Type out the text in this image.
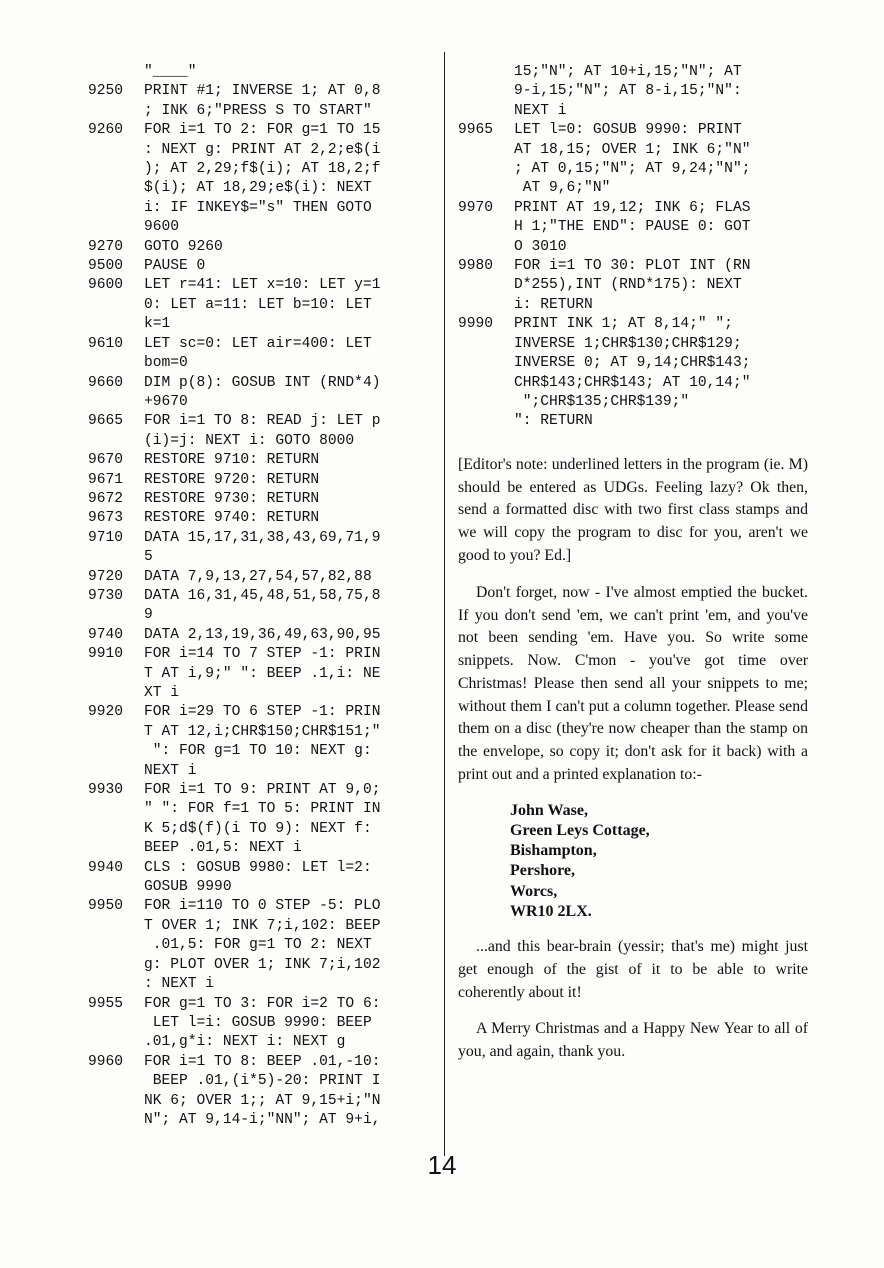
"____"
9250 PRINT #1; INVERSE 1; AT 0,8
; INK 6;"PRESS S TO START"
9260 FOR i=1 TO 2: FOR g=1 TO 15
: NEXT g: PRINT AT 2,2;e$(i
); AT 2,29;f$(i); AT 18,2;f
$(i); AT 18,29;e$(i): NEXT
i: IF INKEY$="s" THEN GOTO
9600
9270 GOTO 9260
9500 PAUSE 0
9600 LET r=41: LET x=10: LET y=1
0: LET a=11: LET b=10: LET
k=1
9610 LET sc=0: LET air=400: LET
bom=0
9660 DIM p(8): GOSUB INT (RND*4)
+9670
9665 FOR i=1 TO 8: READ j: LET p
(i)=j: NEXT i: GOTO 8000
9670 RESTORE 9710: RETURN
9671 RESTORE 9720: RETURN
9672 RESTORE 9730: RETURN
9673 RESTORE 9740: RETURN
9710 DATA 15,17,31,38,43,69,71,9
5
9720 DATA 7,9,13,27,54,57,82,88
9730 DATA 16,31,45,48,51,58,75,8
9
9740 DATA 2,13,19,36,49,63,90,95
9910 FOR i=14 TO 7 STEP -1: PRIN
T AT i,9;" ": BEEP .1,i: NE
XT i
9920 FOR i=29 TO 6 STEP -1: PRIN
T AT 12,i;CHR$150;CHR$151;"
": FOR g=1 TO 10: NEXT g:
NEXT i
9930 FOR i=1 TO 9: PRINT AT 9,0;
" ": FOR f=1 TO 5: PRINT IN
K 5;d$(f)(i TO 9): NEXT f:
BEEP .01,5: NEXT i
9940 CLS : GOSUB 9980: LET l=2:
GOSUB 9990
9950 FOR i=110 TO 0 STEP -5: PLO
T OVER 1; INK 7;i,102: BEEP
.01,5: FOR g=1 TO 2: NEXT
g: PLOT OVER 1; INK 7;i,102
: NEXT i
9955 FOR g=1 TO 3: FOR i=2 TO 6:
LET l=i: GOSUB 9990: BEEP
.01,g*i: NEXT i: NEXT g
9960 FOR i=1 TO 8: BEEP .01,-10:
BEEP .01,(i*5)-20: PRINT I
NK 6; OVER 1;; AT 9,15+i;"N
N"; AT 9,14-i;"NN"; AT 9+i,
15;"N"; AT 10+i,15;"N"; AT
9-i,15;"N"; AT 8-i,15;"N":
NEXT i
9965 LET l=0: GOSUB 9990: PRINT
AT 18,15; OVER 1; INK 6;"N"
; AT 0,15;"N"; AT 9,24;"N";
AT 9,6;"N"
9970 PRINT AT 19,12; INK 6; FLAS
H 1;"THE END": PAUSE 0: GOT
O 3010
9980 FOR i=1 TO 30: PLOT INT (RN
D*255),INT (RND*175): NEXT
i: RETURN
9990 PRINT INK 1; AT 8,14;" ";
INVERSE 1;CHR$130;CHR$129;
INVERSE 0; AT 9,14;CHR$143;
CHR$143;CHR$143; AT 10,14;"
";CHR$135;CHR$139;"
": RETURN

[Editor's note: underlined letters in the program (ie. M) should be entered as UDGs. Feeling lazy? Ok then, send a formatted disc with two first class stamps and we will copy the program to disc for you, aren't we good to you? Ed.]

Don't forget, now - I've almost emptied the bucket. If you don't send 'em, we can't print 'em, and you've not been sending 'em. Have you. So write some snippets. Now. C'mon - you've got time over Christmas! Please then send all your snippets to me; without them I can't put a column together. Please send them on a disc (they're now cheaper than the stamp on the envelope, so copy it; don't ask for it back) with a print out and a printed explanation to:-

John Wase,
Green Leys Cottage,
Bishampton,
Pershore,
Worcs,
WR10 2LX.

...and this bear-brain (yessir; that's me) might just get enough of the gist of it to be able to write coherently about it!

A Merry Christmas and a Happy New Year to all of you, and again, thank you.

14
